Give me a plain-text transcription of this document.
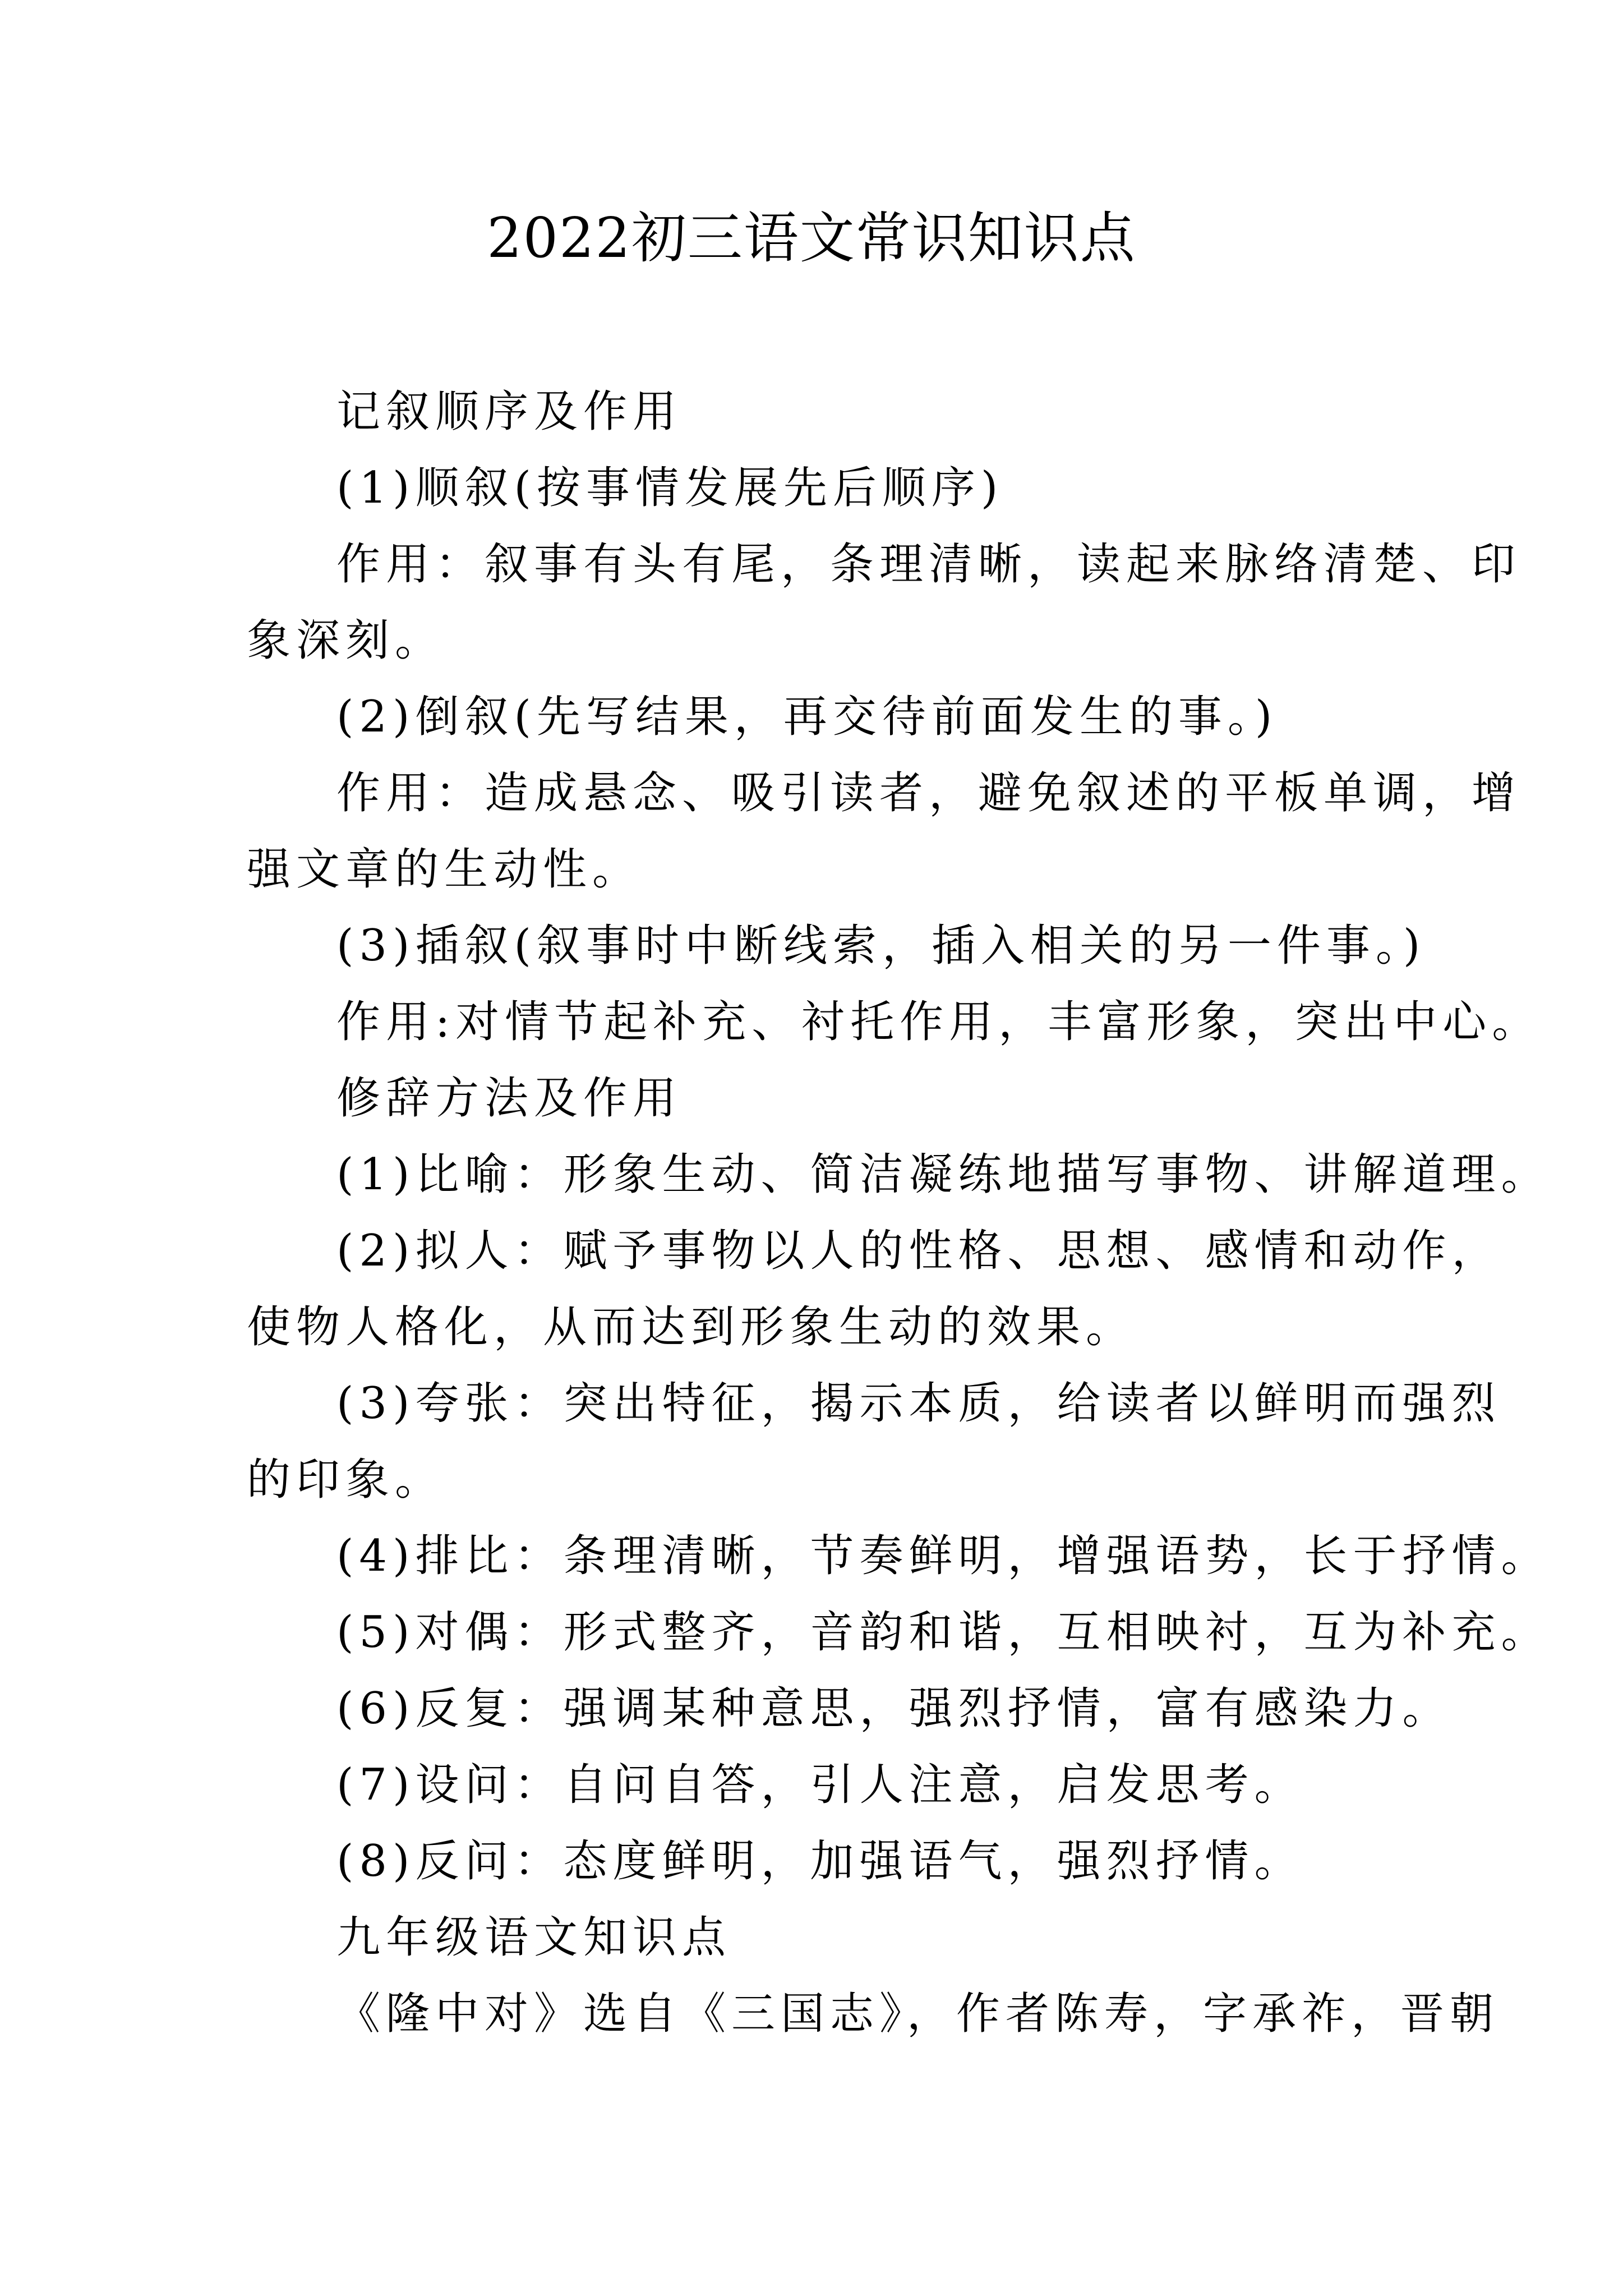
2022初三语文常识知识点
记叙顺序及作用
(1)顺叙(按事情发展先后顺序)
作用：叙事有头有尾，条理清晰，读起来脉络清楚、印
象深刻。
(2)倒叙(先写结果，再交待前面发生的事。)
作用：造成悬念、吸引读者，避免叙述的平板单调，增
强文章的生动性。
(3)插叙(叙事时中断线索，插入相关的另一件事。)
作用:对情节起补充、衬托作用，丰富形象，突出中心。
修辞方法及作用
(1)比喻：形象生动、简洁凝练地描写事物、讲解道理。
(2)拟人：赋予事物以人的性格、思想、感情和动作，
使物人格化，从而达到形象生动的效果。
(3)夸张：突出特征，揭示本质，给读者以鲜明而强烈
的印象。
(4)排比：条理清晰，节奏鲜明，增强语势，长于抒情。
(5)对偶：形式整齐，音韵和谐，互相映衬，互为补充。
(6)反复：强调某种意思，强烈抒情，富有感染力。
(7)设问：自问自答，引人注意，启发思考。
(8)反问：态度鲜明，加强语气，强烈抒情。
九年级语文知识点
《隆中对》选自《三国志》，作者陈寿，字承祚，晋朝
